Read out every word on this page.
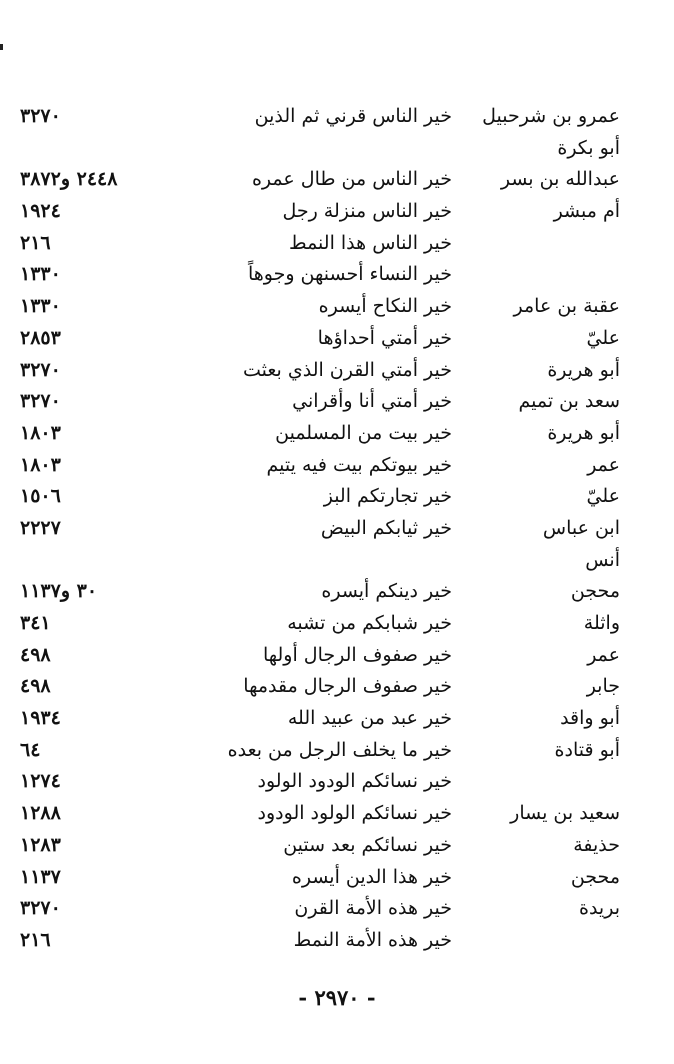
عمرو بن شرحبيل
خير الناس قرني ثم الذين
٣٢٧٠
أبو بكرة
عبدالله بن بسر
خير الناس من طال عمره
٢٤٤٨ و٣٨٧٢
أم مبشر
خير الناس منزلة رجل
١٩٢٤
خير الناس هذا النمط
٢١٦
خير النساء أحسنهن وجوهاً
١٣٣٠
عقبة بن عامر
خير النكاح أيسره
١٣٣٠
عليّ
خير أمتي أحداؤها
٢٨٥٣
أبو هريرة
خير أمتي القرن الذي بعثت
٣٢٧٠
سعد بن تميم
خير أمتي أنا وأقراني
٣٢٧٠
أبو هريرة
خير بيت من المسلمين
١٨٠٣
عمر
خير بيوتكم بيت فيه يتيم
١٨٠٣
عليّ
خير تجارتكم البز
١٥٠٦
ابن عباس
خير ثيابكم البيض
٢٢٢٧
أنس
محجن
خير دينكم أيسره
٣٠ و١١٣٧
واثلة
خير شبابكم من تشبه
٣٤١
عمر
خير صفوف الرجال أولها
٤٩٨
جابر
خير صفوف الرجال مقدمها
٤٩٨
أبو واقد
خير عبد من عبيد الله
١٩٣٤
أبو قتادة
خير ما يخلف الرجل من بعده
٦٤
خير نسائكم الودود الولود
١٢٧٤
سعيد بن يسار
خير نسائكم الولود الودود
١٢٨٨
حذيفة
خير نسائكم بعد ستين
١٢٨٣
محجن
خير هذا الدين أيسره
١١٣٧
بريدة
خير هذه الأمة القرن
٣٢٧٠
خير هذه الأمة النمط
٢١٦
- ٢٩٧٠ -
